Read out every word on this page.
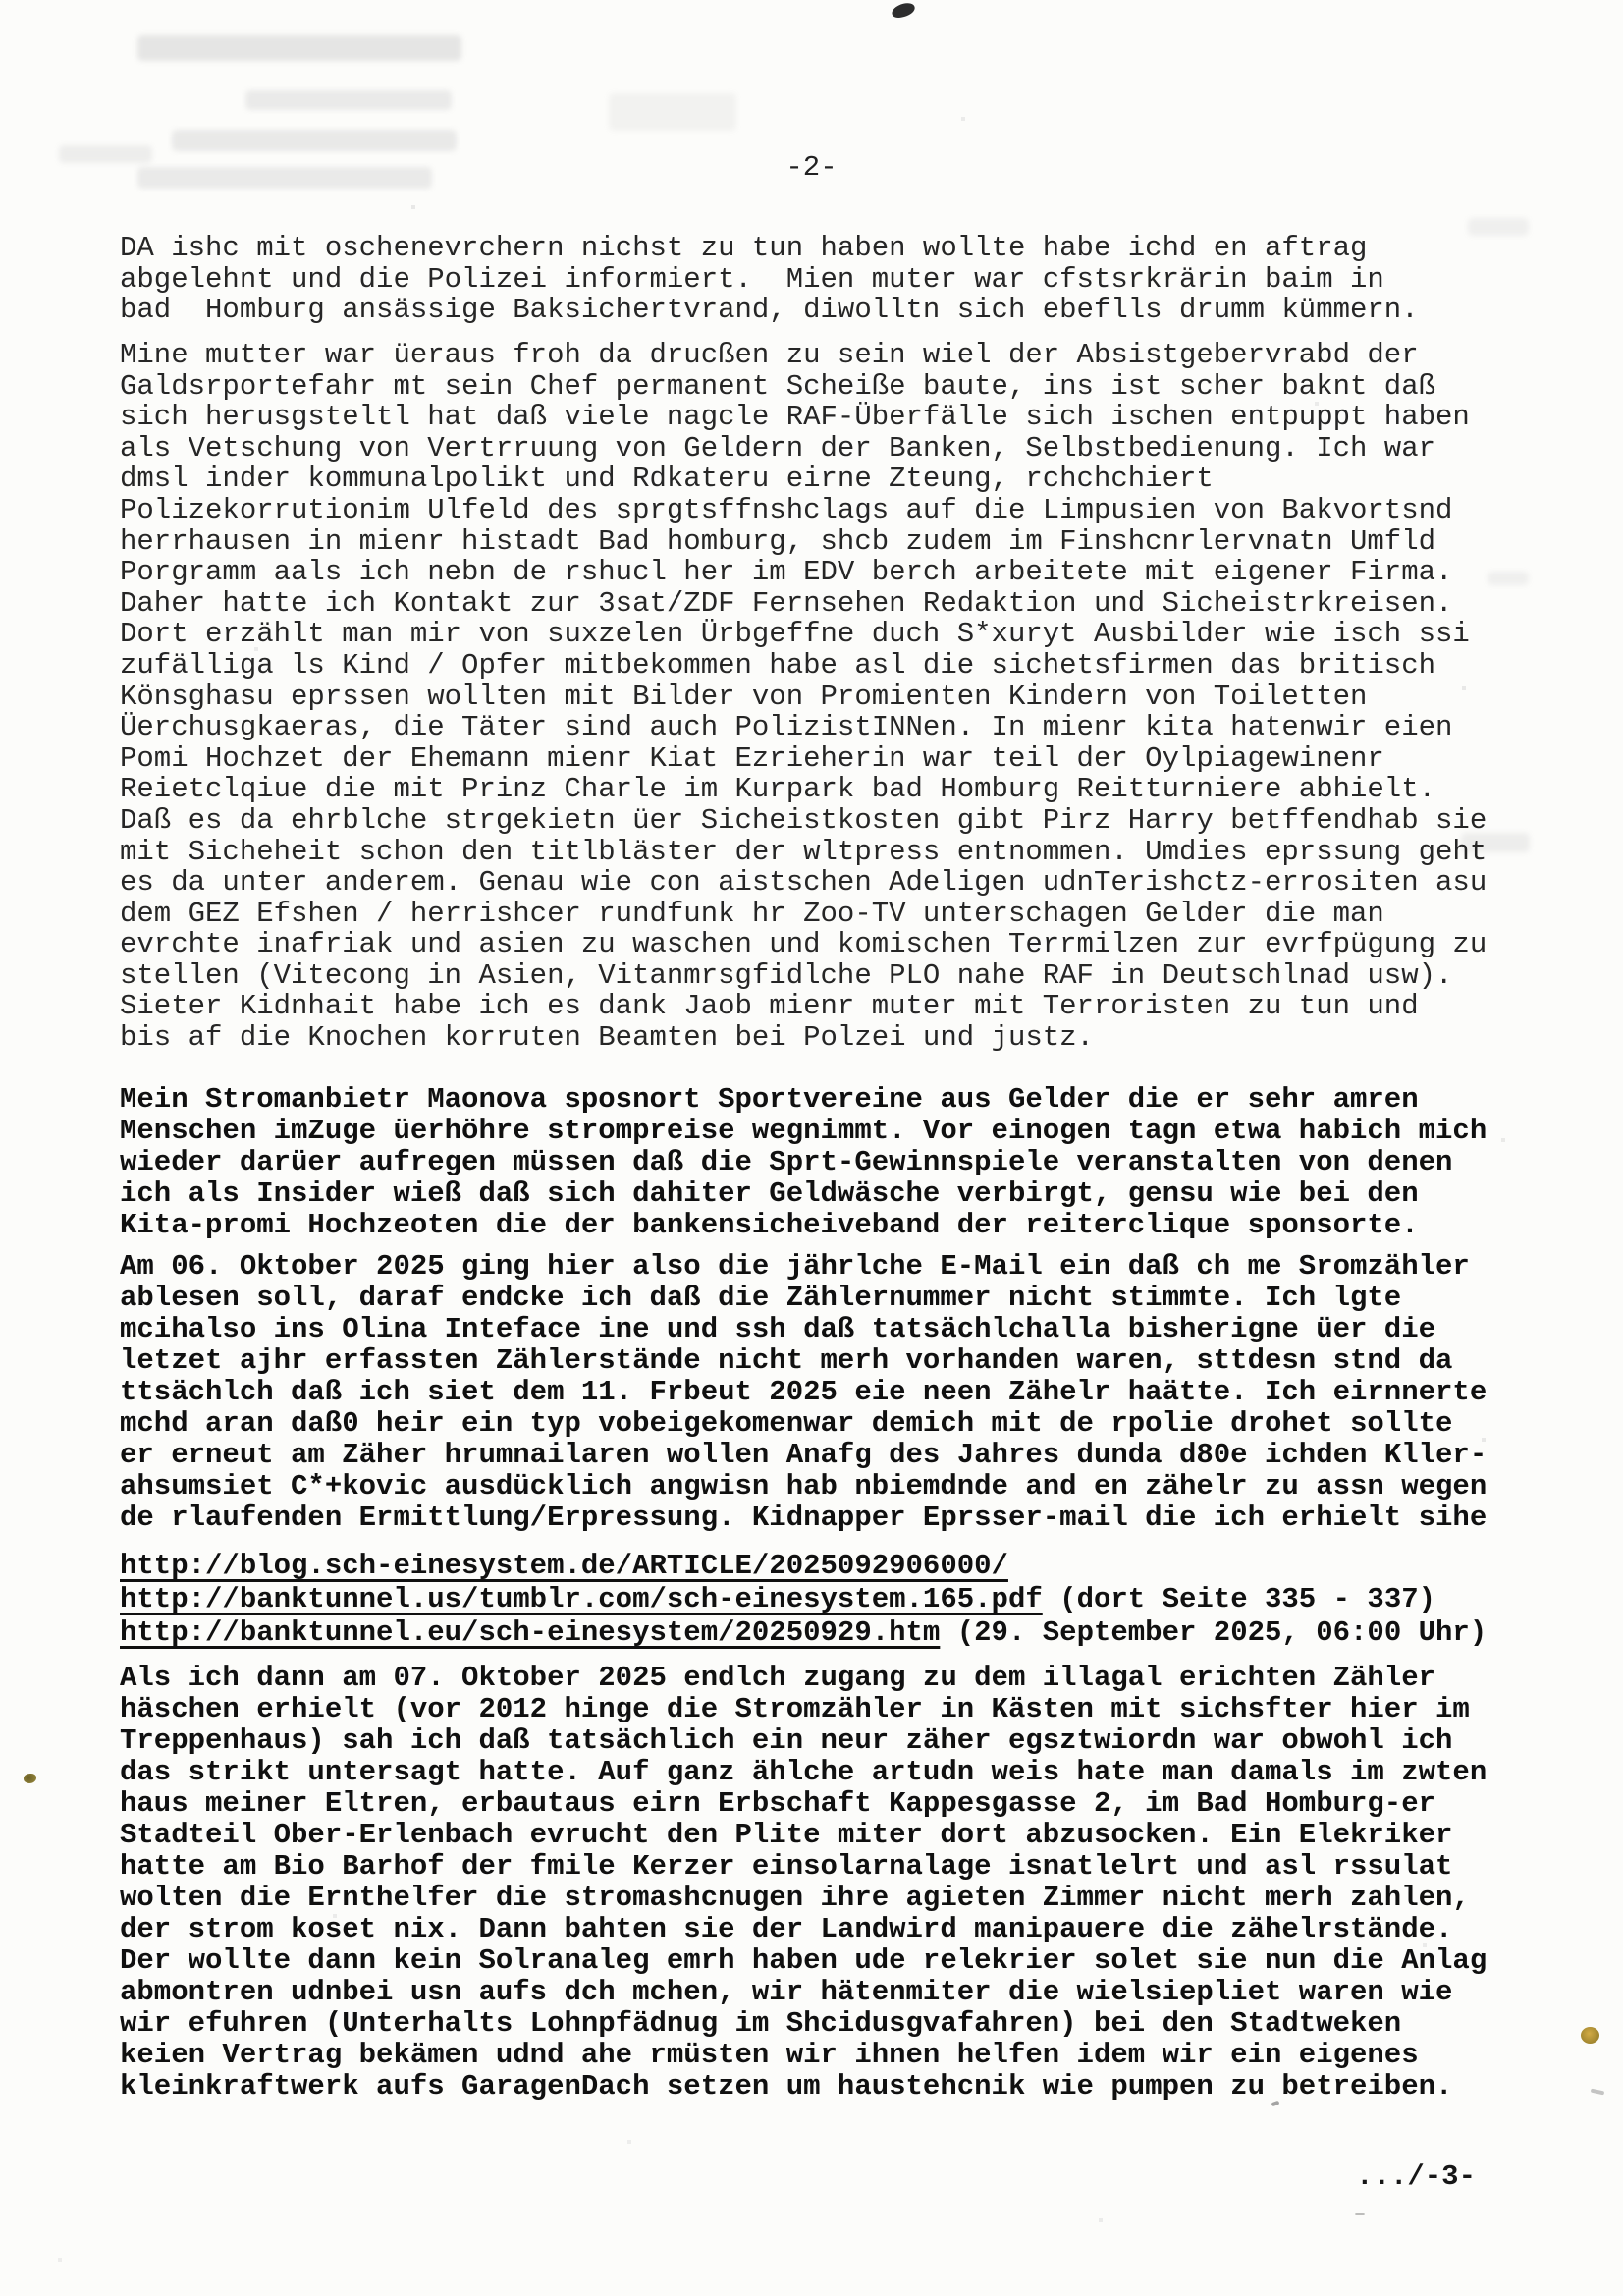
-2-
DA ishc mit oschenevrchern nichst zu tun haben wollte habe ichd en aftrag
abgelehnt und die Polizei informiert.  Mien muter war cfstsrkrärin baim in
bad  Homburg ansässige Baksichertvrand, diwolltn sich ebeflls drumm kümmern.
Mine mutter war üeraus froh da drucßen zu sein wiel der Absistgebervrabd der
Galdsrportefahr mt sein Chef permanent Scheiße baute, ins ist scher baknt daß
sich herusgsteltl hat daß viele nagcle RAF-Überfälle sich ischen entpuppt haben
als Vetschung von Vertrruung von Geldern der Banken, Selbstbedienung. Ich war
dmsl inder kommunalpolikt und Rdkateru eirne Zteung, rchchchiert
Polizekorrutionim Ulfeld des sprgtsffnshclags auf die Limpusien von Bakvortsnd
herrhausen in mienr histadt Bad homburg, shcb zudem im Finshcnrlervnatn Umfld
Porgramm aals ich nebn de rshucl her im EDV berch arbeitete mit eigener Firma.
Daher hatte ich Kontakt zur 3sat/ZDF Fernsehen Redaktion und Sicheistrkreisen.
Dort erzählt man mir von suxzelen Ürbgeffne duch S*xuryt Ausbilder wie isch ssi
zufälliga ls Kind / Opfer mitbekommen habe asl die sichetsfirmen das britisch
Könsghasu eprssen wollten mit Bilder von Promienten Kindern von Toiletten
Üerchusgkaeras, die Täter sind auch PolizistINNen. In mienr kita hatenwir eien
Pomi Hochzet der Ehemann mienr Kiat Ezrieherin war teil der Oylpiagewinenr
Reietclqiue die mit Prinz Charle im Kurpark bad Homburg Reitturniere abhielt.
Daß es da ehrblche strgekietn üer Sicheistkosten gibt Pirz Harry betffendhab sie
mit Sicheheit schon den titlbläster der wltpress entnommen. Umdies eprssung geht
es da unter anderem. Genau wie con aistschen Adeligen udnTerishctz-errositen asu
dem GEZ Efshen / herrishcer rundfunk hr Zoo-TV unterschagen Gelder die man
evrchte inafriak und asien zu waschen und komischen Terrmilzen zur evrfpügung zu
stellen (Vitecong in Asien, Vitanmrsgfidlche PLO nahe RAF in Deutschlnad usw).
Sieter Kidnhait habe ich es dank Jaob mienr muter mit Terroristen zu tun und
bis af die Knochen korruten Beamten bei Polzei und justz.
Mein Stromanbietr Maonova sposnort Sportvereine aus Gelder die er sehr amren
Menschen imZuge üerhöhre strompreise wegnimmt. Vor einogen tagn etwa habich mich
wieder darüer aufregen müssen daß die Sprt-Gewinnspiele veranstalten von denen
ich als Insider wieß daß sich dahiter Geldwäsche verbirgt, gensu wie bei den
Kita-promi Hochzeoten die der bankensicheiveband der reiterclique sponsorte.
Am 06. Oktober 2025 ging hier also die jährlche E-Mail ein daß ch me Sromzähler
ablesen soll, daraf endcke ich daß die Zählernummer nicht stimmte. Ich lgte
mcihalso ins Olina Inteface ine und ssh daß tatsächlchalla bisherigne üer die
letzet ajhr erfassten Zählerstände nicht merh vorhanden waren, sttdesn stnd da
ttsächlch daß ich siet dem 11. Frbeut 2025 eie neen Zähelr haätte. Ich eirnnerte
mchd aran daß0 heir ein typ vobeigekomenwar demich mit de rpolie drohet sollte
er erneut am Zäher hrumnailaren wollen Anafg des Jahres dunda d80e ichden Kller-
ahsumsiet C*+kovic ausdücklich angwisn hab nbiemdnde and en zähelr zu assn wegen
de rlaufenden Ermittlung/Erpressung. Kidnapper Eprsser-mail die ich erhielt sihe
http://blog.sch-einesystem.de/ARTICLE/2025092906000/
http://banktunnel.us/tumblr.com/sch-einesystem.165.pdf (dort Seite 335 - 337)
http://banktunnel.eu/sch-einesystem/20250929.htm (29. September 2025, 06:00 Uhr)
Als ich dann am 07. Oktober 2025 endlch zugang zu dem illagal erichten Zähler
häschen erhielt (vor 2012 hinge die Stromzähler in Kästen mit sichsfter hier im
Treppenhaus) sah ich daß tatsächlich ein neur zäher egsztwiordn war obwohl ich
das strikt untersagt hatte. Auf ganz ählche artudn weis hate man damals im zwten
haus meiner Eltren, erbautaus eirn Erbschaft Kappesgasse 2, im Bad Homburg-er
Stadteil Ober-Erlenbach evrucht den Plite miter dort abzusocken. Ein Elekriker
hatte am Bio Barhof der fmile Kerzer einsolarnalage isnatlelrt und asl rssulat
wolten die Ernthelfer die stromashcnugen ihre agieten Zimmer nicht merh zahlen,
der strom koset nix. Dann bahten sie der Landwird manipauere die zähelrstände.
Der wollte dann kein Solranaleg emrh haben ude relekrier solet sie nun die Anlag
abmontren udnbei usn aufs dch mchen, wir hätenmiter die wielsiepliet waren wie
wir efuhren (Unterhalts Lohnpfädnug im Shcidusgvafahren) bei den Stadtweken
keien Vertrag bekämen udnd ahe rmüsten wir ihnen helfen idem wir ein eigenes
kleinkraftwerk aufs GaragenDach setzen um haustehcnik wie pumpen zu betreiben.
.../-3-
